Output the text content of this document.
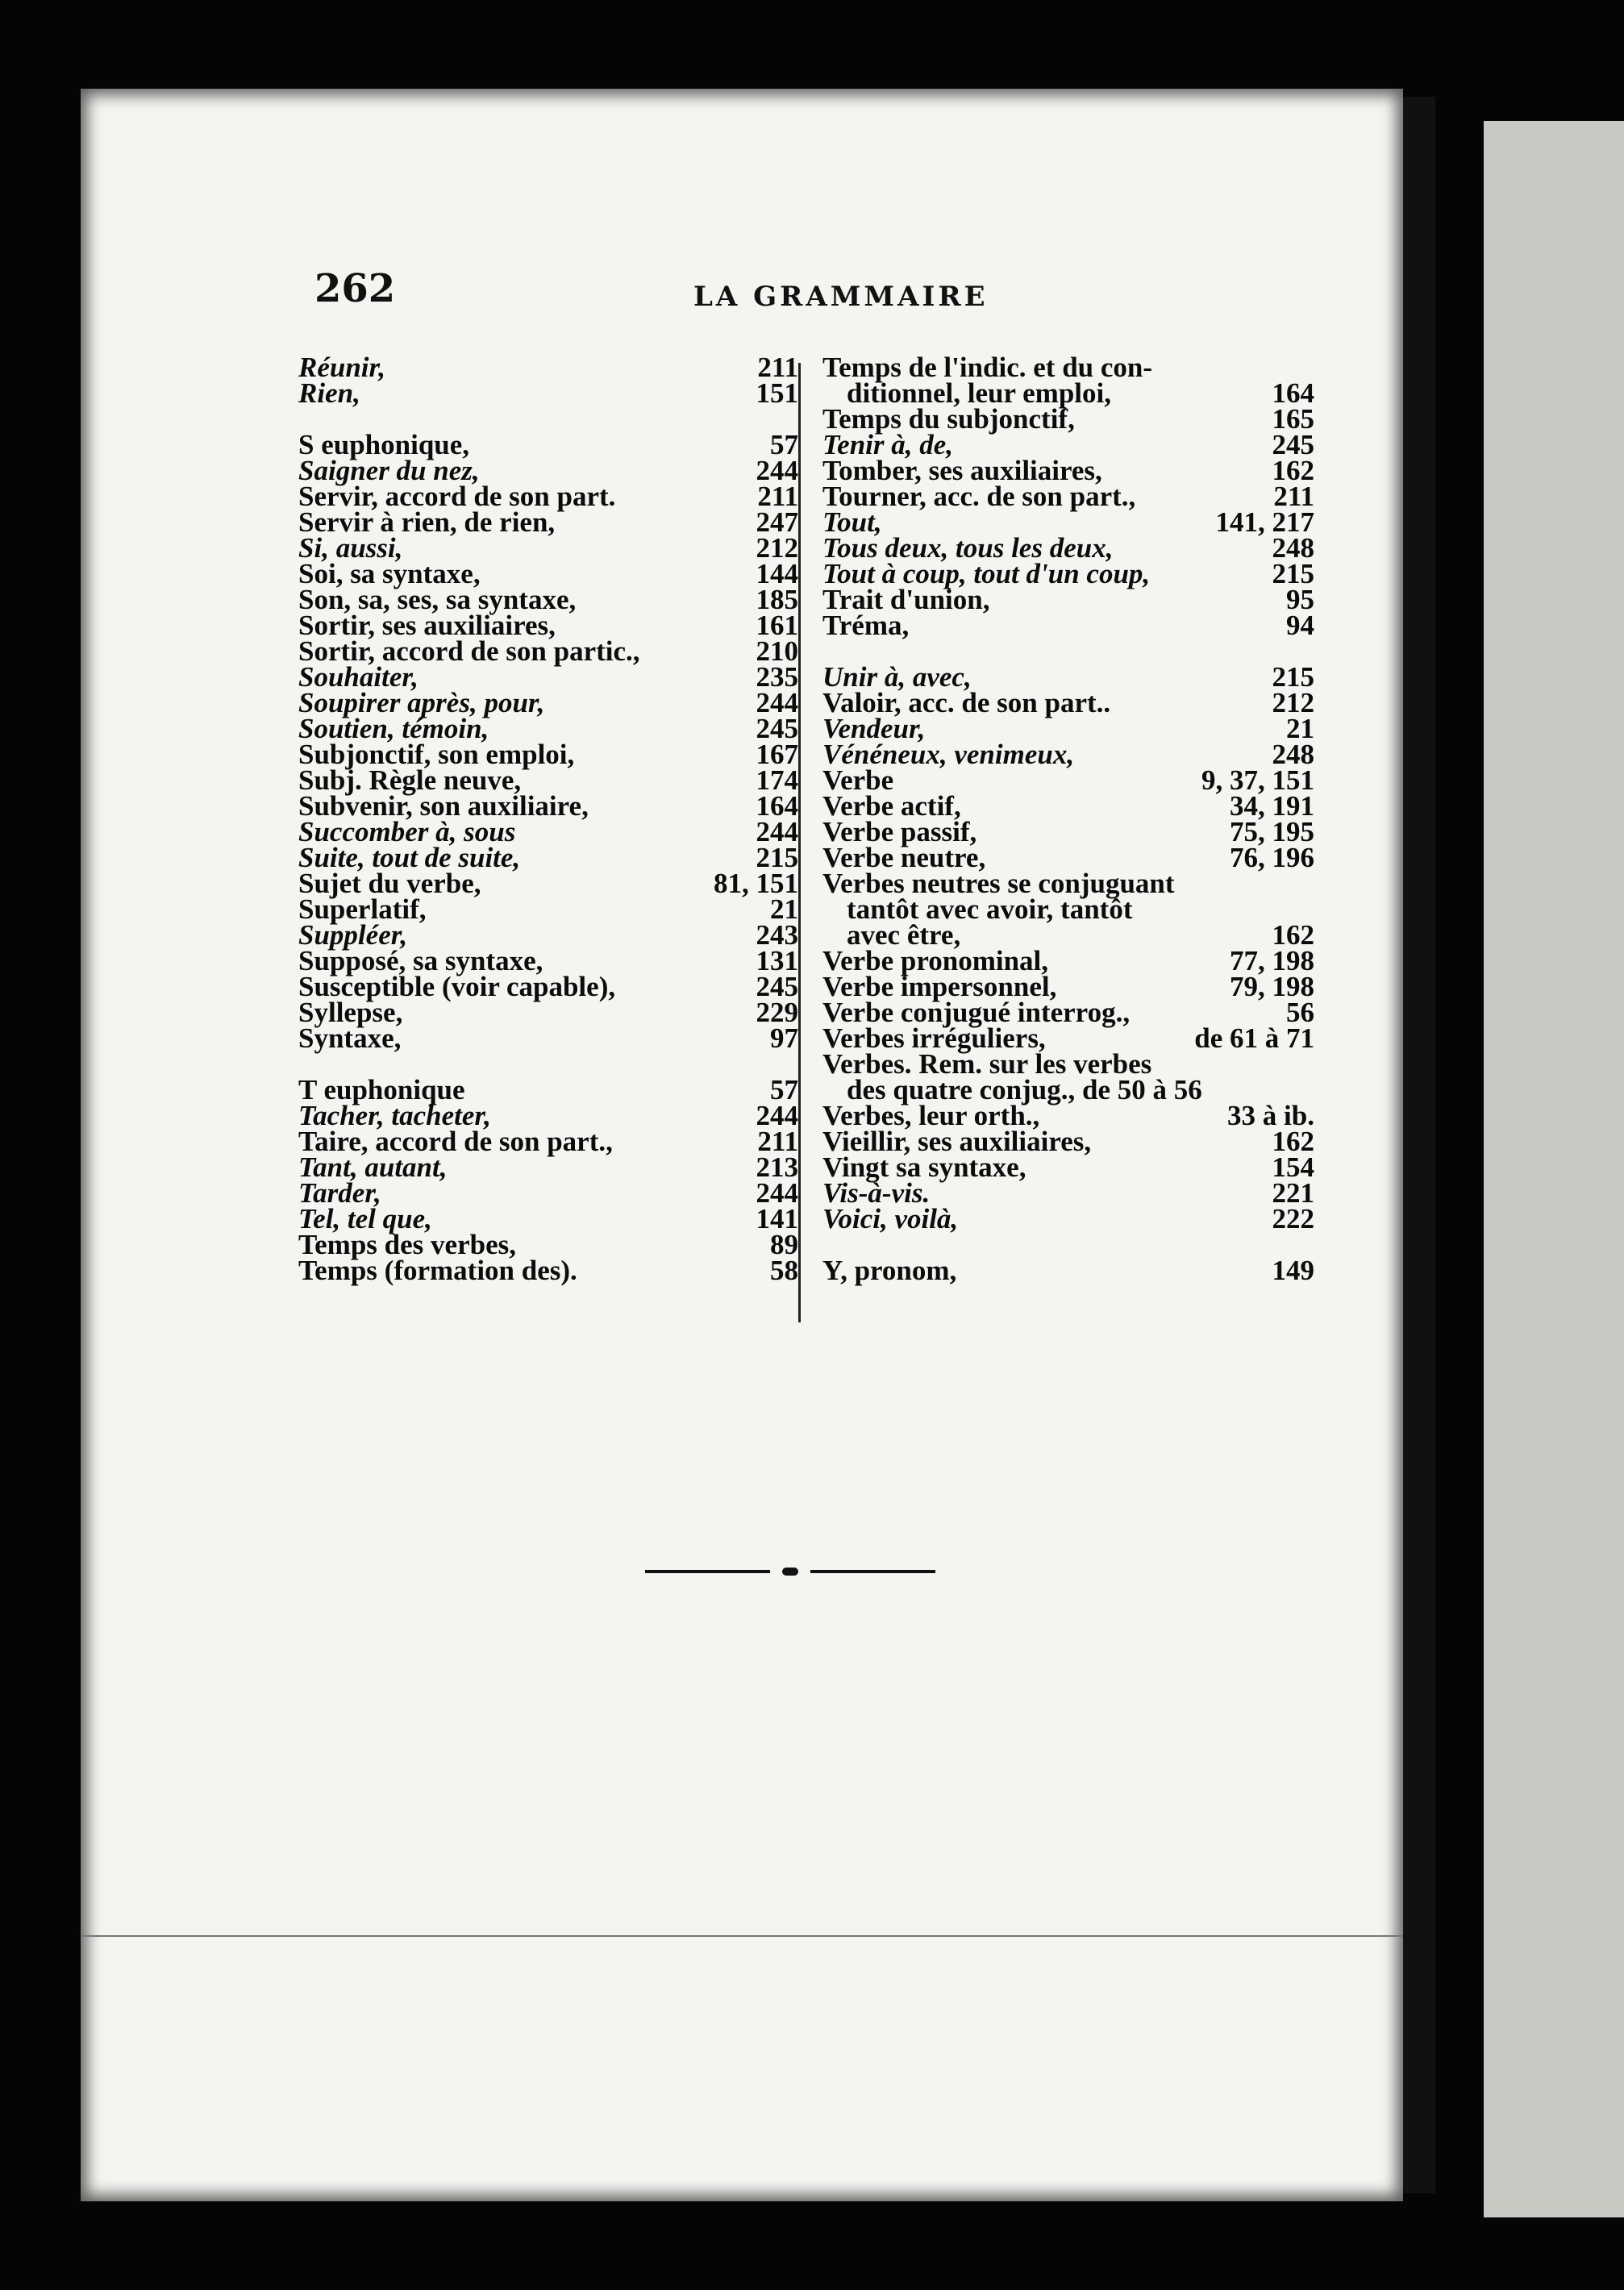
262	LA GRAMMAIRE
Réunir,	211
Rien,	151
S euphonique,	57
Saigner du nez,	244
Servir, accord de son part.	211
Servir à rien, de rien,	247
Si, aussi,	212
Soi, sa syntaxe,	144
Son, sa, ses, sa syntaxe,	185
Sortir, ses auxiliaires,	161
Sortir, accord de son partic.,	210
Souhaiter,	235
Soupirer après, pour,	244
Soutien, témoin,	245
Subjonctif, son emploi,	167
Subj. Règle neuve,	174
Subvenir, son auxiliaire,	164
Succomber à, sous	244
Suite, tout de suite,	215
Sujet du verbe,	81, 151
Superlatif,	21
Suppléer,	243
Supposé, sa syntaxe,	131
Susceptible (voir capable),	245
Syllepse,	229
Syntaxe,	97
T euphonique	57
Tacher, tacheter,	244
Taire, accord de son part.,	211
Tant, autant,	213
Tarder,	244
Tel, tel que,	141
Temps des verbes,	89
Temps (formation des).	58
Temps de l'indic. et du con-
ditionnel, leur emploi,	164
Temps du subjonctif,	165
Tenir à, de,	245
Tomber, ses auxiliaires,	162
Tourner, acc. de son part.,	211
Tout,	141, 217
Tous deux, tous les deux,	248
Tout à coup, tout d'un coup,	215
Trait d'union,	95
Tréma,	94
Unir à, avec,	215
Valoir, acc. de son part..	212
Vendeur,	21
Vénéneux, venimeux,	248
Verbe	9, 37, 151
Verbe actif,	34, 191
Verbe passif,	75, 195
Verbe neutre,	76, 196
Verbes neutres se conjuguant
tantôt avec avoir, tantôt
avec être,	162
Verbe pronominal,	77, 198
Verbe impersonnel,	79, 198
Verbe conjugué interrog.,	56
Verbes irréguliers,	de 61 à 71
Verbes. Rem. sur les verbes
des quatre conjug., de 50 à 56
Verbes, leur orth.,	33 à ib.
Vieillir, ses auxiliaires,	162
Vingt sa syntaxe,	154
Vis-à-vis.	221
Voici, voilà,	222
Y, pronom,	149
